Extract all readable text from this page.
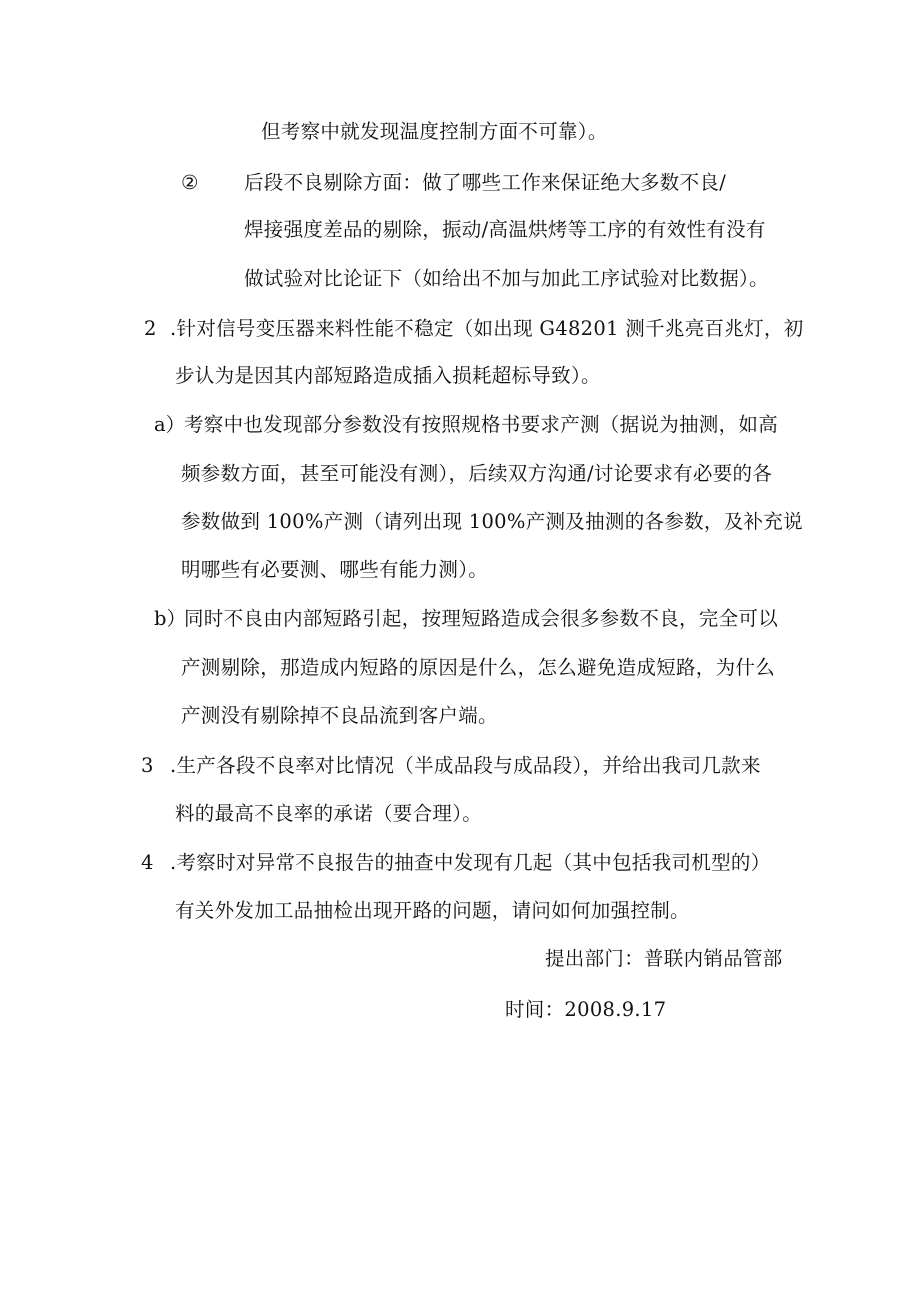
但考察中就发现温度控制方面不可靠）。
② 后段不良剔除方面：做了哪些工作来保证绝大多数不良/
焊接强度差品的剔除，振动/高温烘烤等工序的有效性有没有
做试验对比论证下（如给出不加与加此工序试验对比数据）。
2 .针对信号变压器来料性能不稳定（如出现 G48201 测千兆亮百兆灯，初
步认为是因其内部短路造成插入损耗超标导致）。
a）
考察中也发现部分参数没有按照规格书要求产测（据说为抽测，如高
频参数方面，甚至可能没有测），后续双方沟通/讨论要求有必要的各
参数做到 100%产测（请列出现 100%产测及抽测的各参数，及补充说
明哪些有必要测、哪些有能力测）。
b）
同时不良由内部短路引起，按理短路造成会很多参数不良，完全可以
产测剔除，那造成内短路的原因是什么，怎么避免造成短路，为什么
产测没有剔除掉不良品流到客户端。
3 .生产各段不良率对比情况（半成品段与成品段），并给出我司几款来
料的最高不良率的承诺（要合理）。
4 .考察时对异常不良报告的抽查中发现有几起（其中包括我司机型的）
有关外发加工品抽检出现开路的问题，请问如何加强控制。
提出部门：普联内销品管部
时间：2008.9.17
